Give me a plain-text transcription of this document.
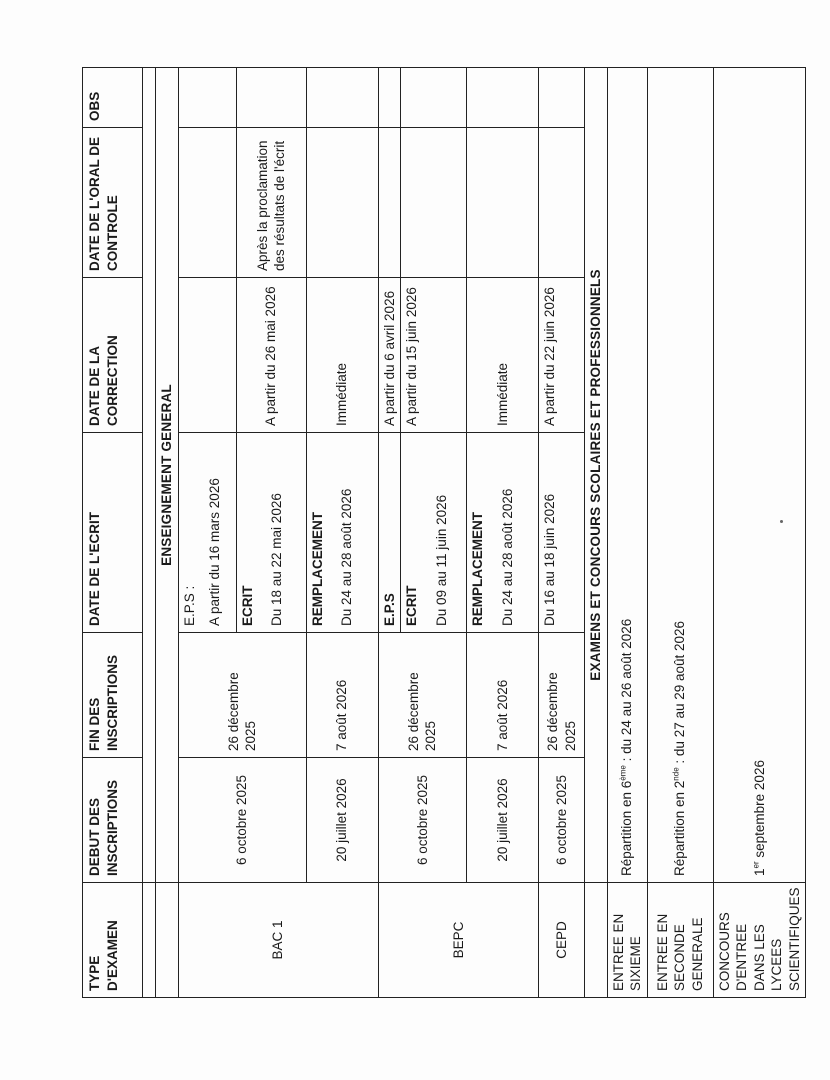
TYPE D'EXAMEN	DEBUT DES INSCRIPTIONS	FIN DES INSCRIPTIONS	DATE DE L'ECRIT	DATE DE LA CORRECTION	DATE DE L'ORAL DE CONTROLE	OBS

	ENSEIGNEMENT GENERAL					
BAC 1	6 octobre 2025	26 décembre 2025	E.P.S : A partir du 16 mars 2026			

			ECRIT Du 18 au 22 mai 2026	A partir du 26 mai 2026	Après la proclamation des résultats de l'écrit	
	20 juillet 2026	7 août 2026	REMPLACEMENT Du 24 au 28 août 2026	Immédiate		
BEPC	6 octobre 2025	26 décembre 2025	E.P.S	A partir du 6 avril 2026		

			ECRIT Du 09 au 11 juin 2026	A partir du 15 juin 2026		
	20 juillet 2026	7 août 2026	REMPLACEMENT Du 24 au 28 août 2026	Immédiate		
CEPD	6 octobre 2025	26 décembre 2025	Du 16 au 18 juin 2026	A partir du 22 juin 2026		
	EXAMENS ET CONCOURS SCOLAIRES ET PROFESSIONNELS					
ENTREE EN SIXIEME	Répartition en 6ème : du 24 au 26 août 2026					
ENTREE EN SECONDE GENERALE	Répartition en 2nde : du 27 au 29 août 2026					
CONCOURS D'ENTREE DANS LES LYCEES SCIENTIFIQUES	1er septembre 2026					
